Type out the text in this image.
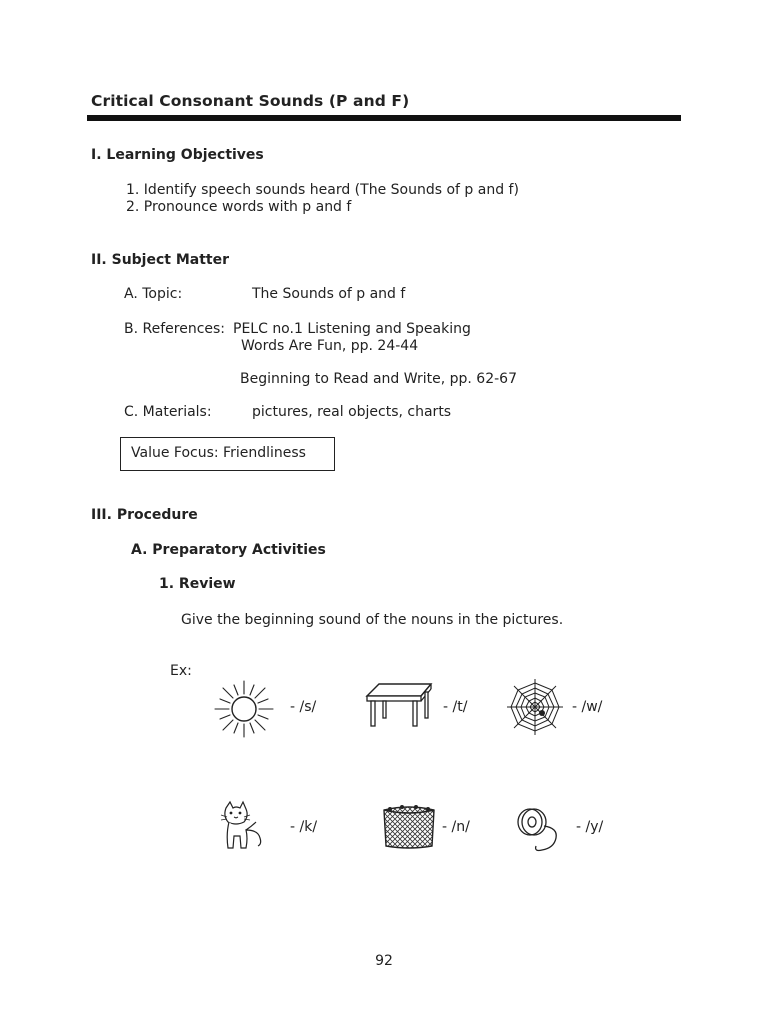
Critical Consonant Sounds (P and F)
I. Learning Objectives
1. Identify speech sounds heard (The Sounds of p and f)
2. Pronounce words with p and f
II. Subject Matter
A. Topic:	The Sounds of p and f
B. References: PELC no.1 Listening and Speaking
Words Are Fun, pp. 24-44
Beginning to Read and Write, pp. 62-67
C. Materials:	pictures, real objects, charts
Value Focus: Friendliness
III. Procedure
A. Preparatory Activities
1. Review
Give the beginning sound of the nouns in the pictures.
Ex:
- /s/	- /t/	- /w/
- /k/	- /n/	- /y/
92
